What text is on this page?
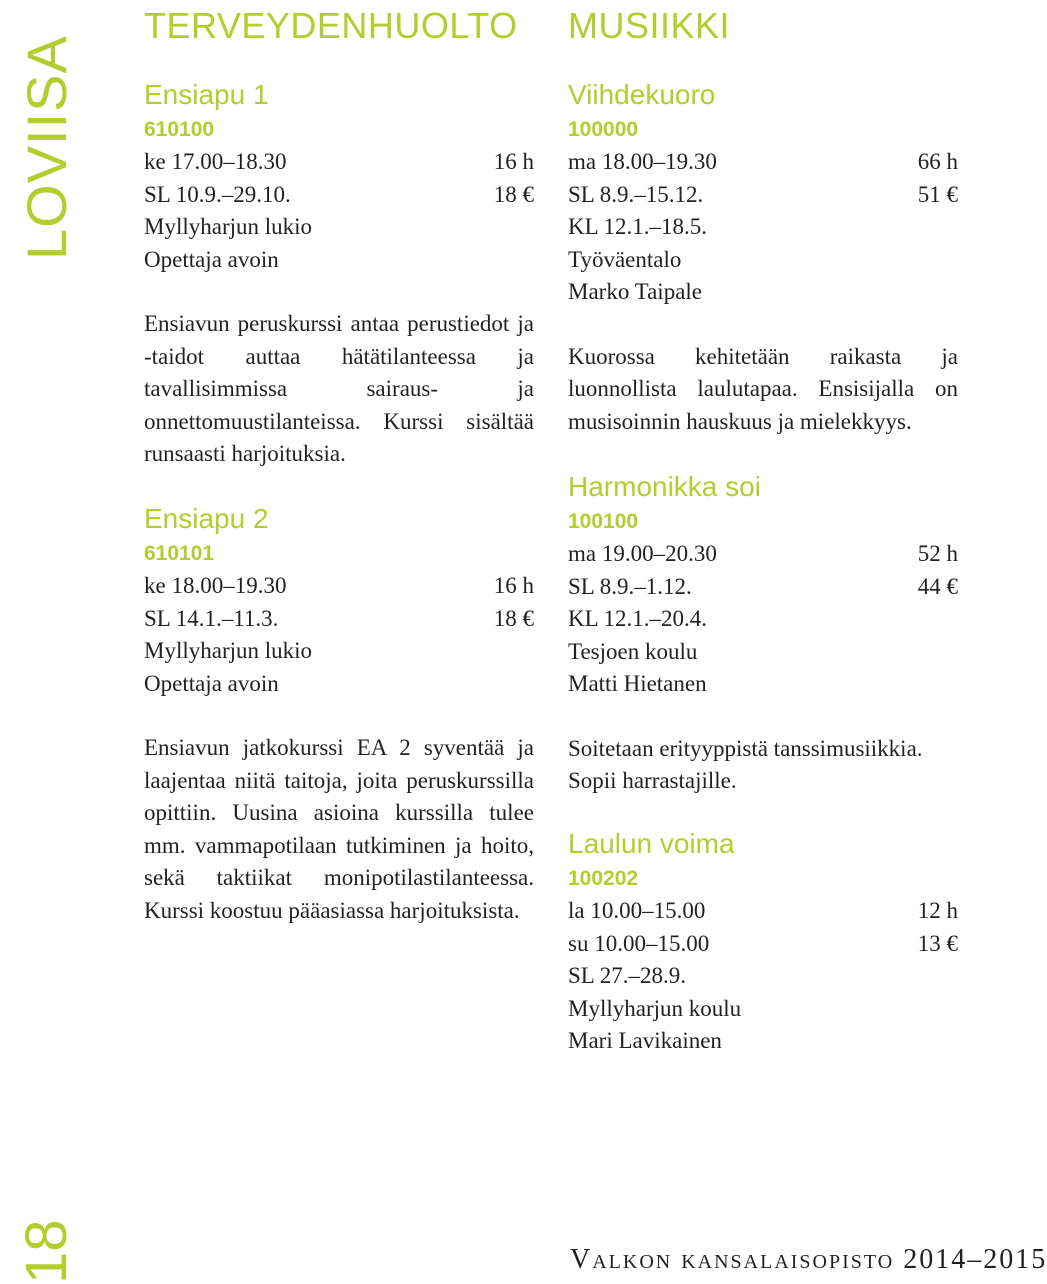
LOVIISA
18
TERVEYDENHUOLTO
Ensiapu 1
610100
ke 17.00–18.30	16 h
SL 10.9.–29.10.	18 €
Myllyharjun lukio
Opettaja avoin
Ensiavun peruskurssi antaa perustiedot ja -taidot auttaa hätätilanteessa ja tavallisimmissa sairaus- ja onnettomuustilanteissa. Kurssi sisältää runsaasti harjoituksia.
Ensiapu 2
610101
ke 18.00–19.30	16 h
SL 14.1.–11.3.	18 €
Myllyharjun lukio
Opettaja avoin
Ensiavun jatkokurssi EA 2 syventää ja laajentaa niitä taitoja, joita peruskurssilla opittiin. Uusina asioina kurssilla tulee mm. vammapotilaan tutkiminen ja hoito, sekä taktiikat monipotilastilanteessa. Kurssi koostuu pääasiassa harjoituksista.
MUSIIKKI
Viihdekuoro
100000
ma 18.00–19.30	66 h
SL 8.9.–15.12.	51 €
KL 12.1.–18.5.
Työväentalo
Marko Taipale
Kuorossa kehitetään raikasta ja luonnollista laulutapaa. Ensisijalla on musisoinnin hauskuus ja mielekkyys.
Harmonikka soi
100100
ma 19.00–20.30	52 h
SL 8.9.–1.12.	44 €
KL 12.1.–20.4.
Tesjoen koulu
Matti Hietanen
Soitetaan erityyppistä tanssimusiikkia. Sopii harrastajille.
Laulun voima
100202
la 10.00–15.00	12 h
su 10.00–15.00	13 €
SL 27.–28.9.
Myllyharjun koulu
Mari Lavikainen
Valkon kansalaisopisto 2014–2015
